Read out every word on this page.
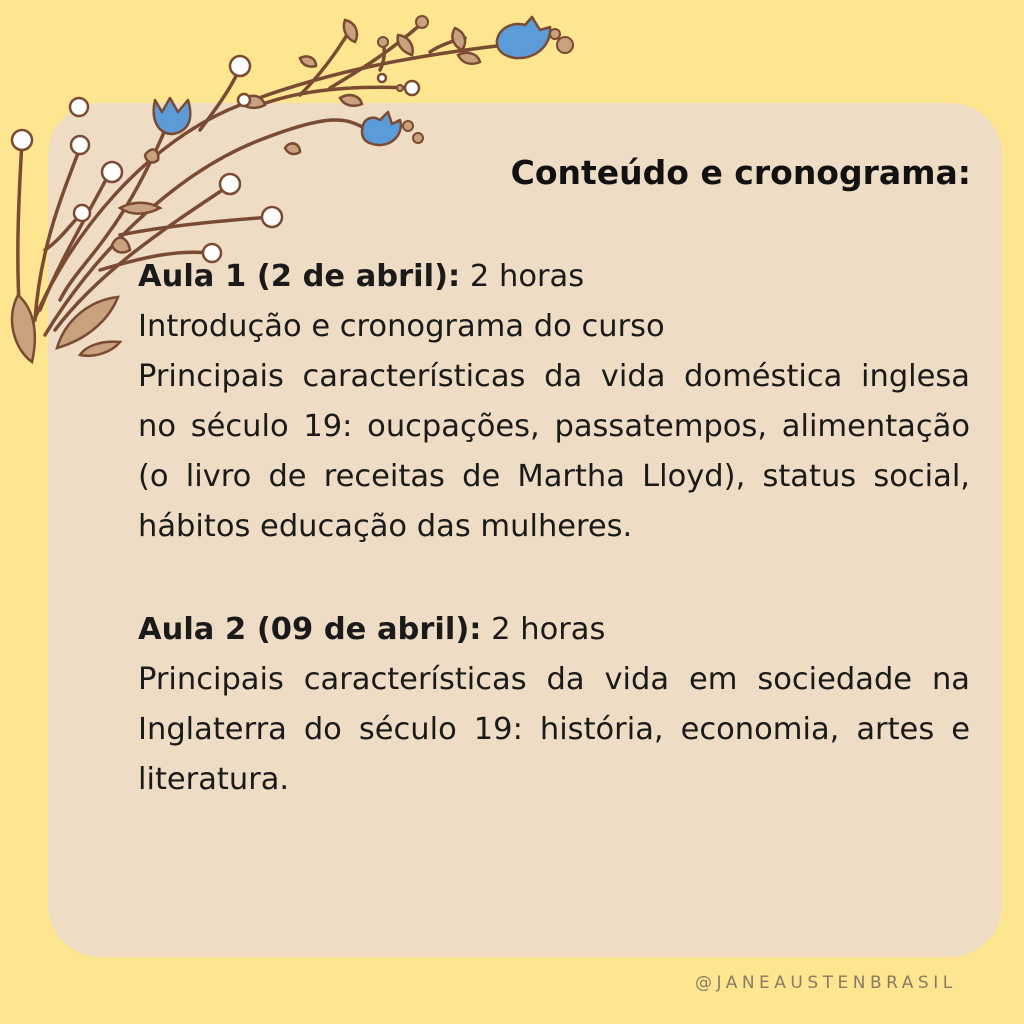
Conteúdo e cronograma:

Aula 1 (2 de abril): 2 horas

Introdução e cronograma do curso

Principais características da vida doméstica inglesa no século 19: oucpações, passatempos, alimentação (o livro de receitas de Martha Lloyd), status social, hábitos educação das mulheres.

Aula 2 (09 de abril): 2 horas

Principais características da vida em sociedade na Inglaterra do século 19: história, economia, artes e literatura.

@JANEAUSTENBRASIL
